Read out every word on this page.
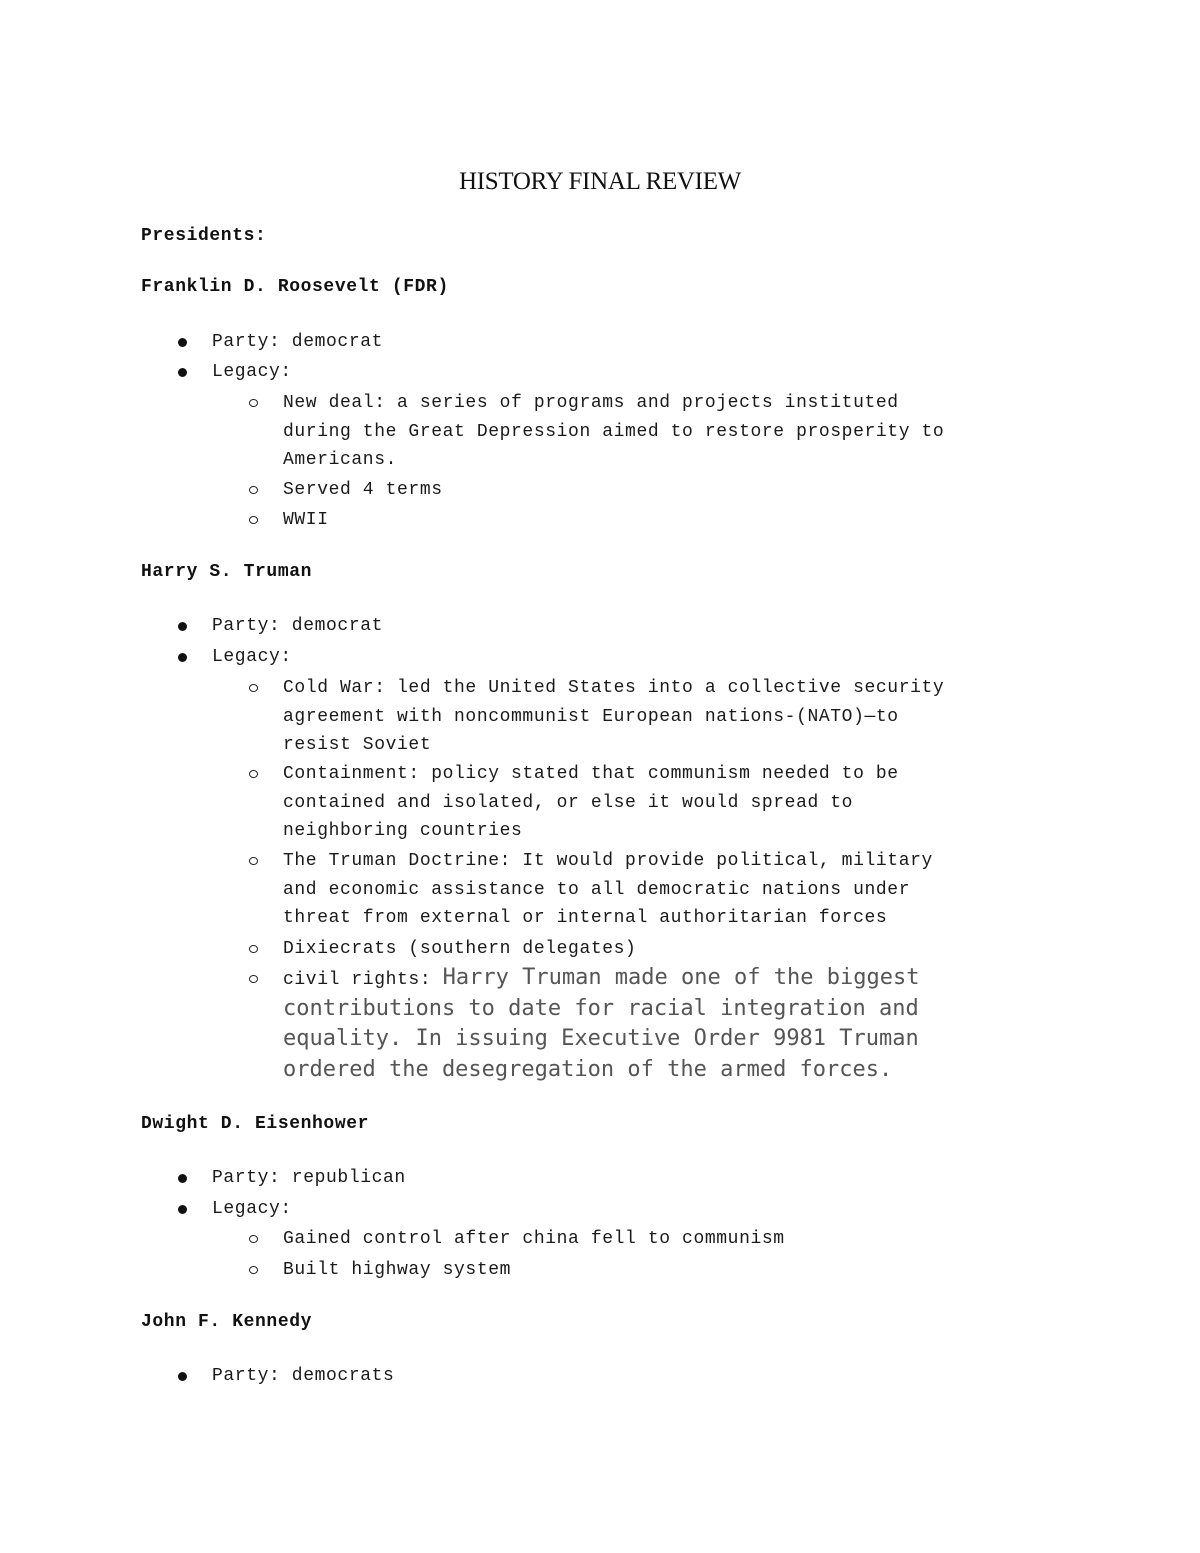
HISTORY FINAL REVIEW
Presidents:
Franklin D. Roosevelt (FDR)
Party: democrat
Legacy:
New deal: a series of programs and projects instituted
during the Great Depression aimed to restore prosperity to
Americans.
Served 4 terms
WWII
Harry S. Truman
Party: democrat
Legacy:
Cold War: led the United States into a collective security
agreement with noncommunist European nations-(NATO)—to
resist Soviet
Containment: policy stated that communism needed to be
contained and isolated, or else it would spread to
neighboring countries
The Truman Doctrine: It would provide political, military
and economic assistance to all democratic nations under
threat from external or internal authoritarian forces
Dixiecrats (southern delegates)
civil rights: Harry Truman made one of the biggest
contributions to date for racial integration and
equality. In issuing Executive Order 9981 Truman
ordered the desegregation of the armed forces.
Dwight D. Eisenhower
Party: republican
Legacy:
Gained control after china fell to communism
Built highway system
John F. Kennedy
Party: democrats
